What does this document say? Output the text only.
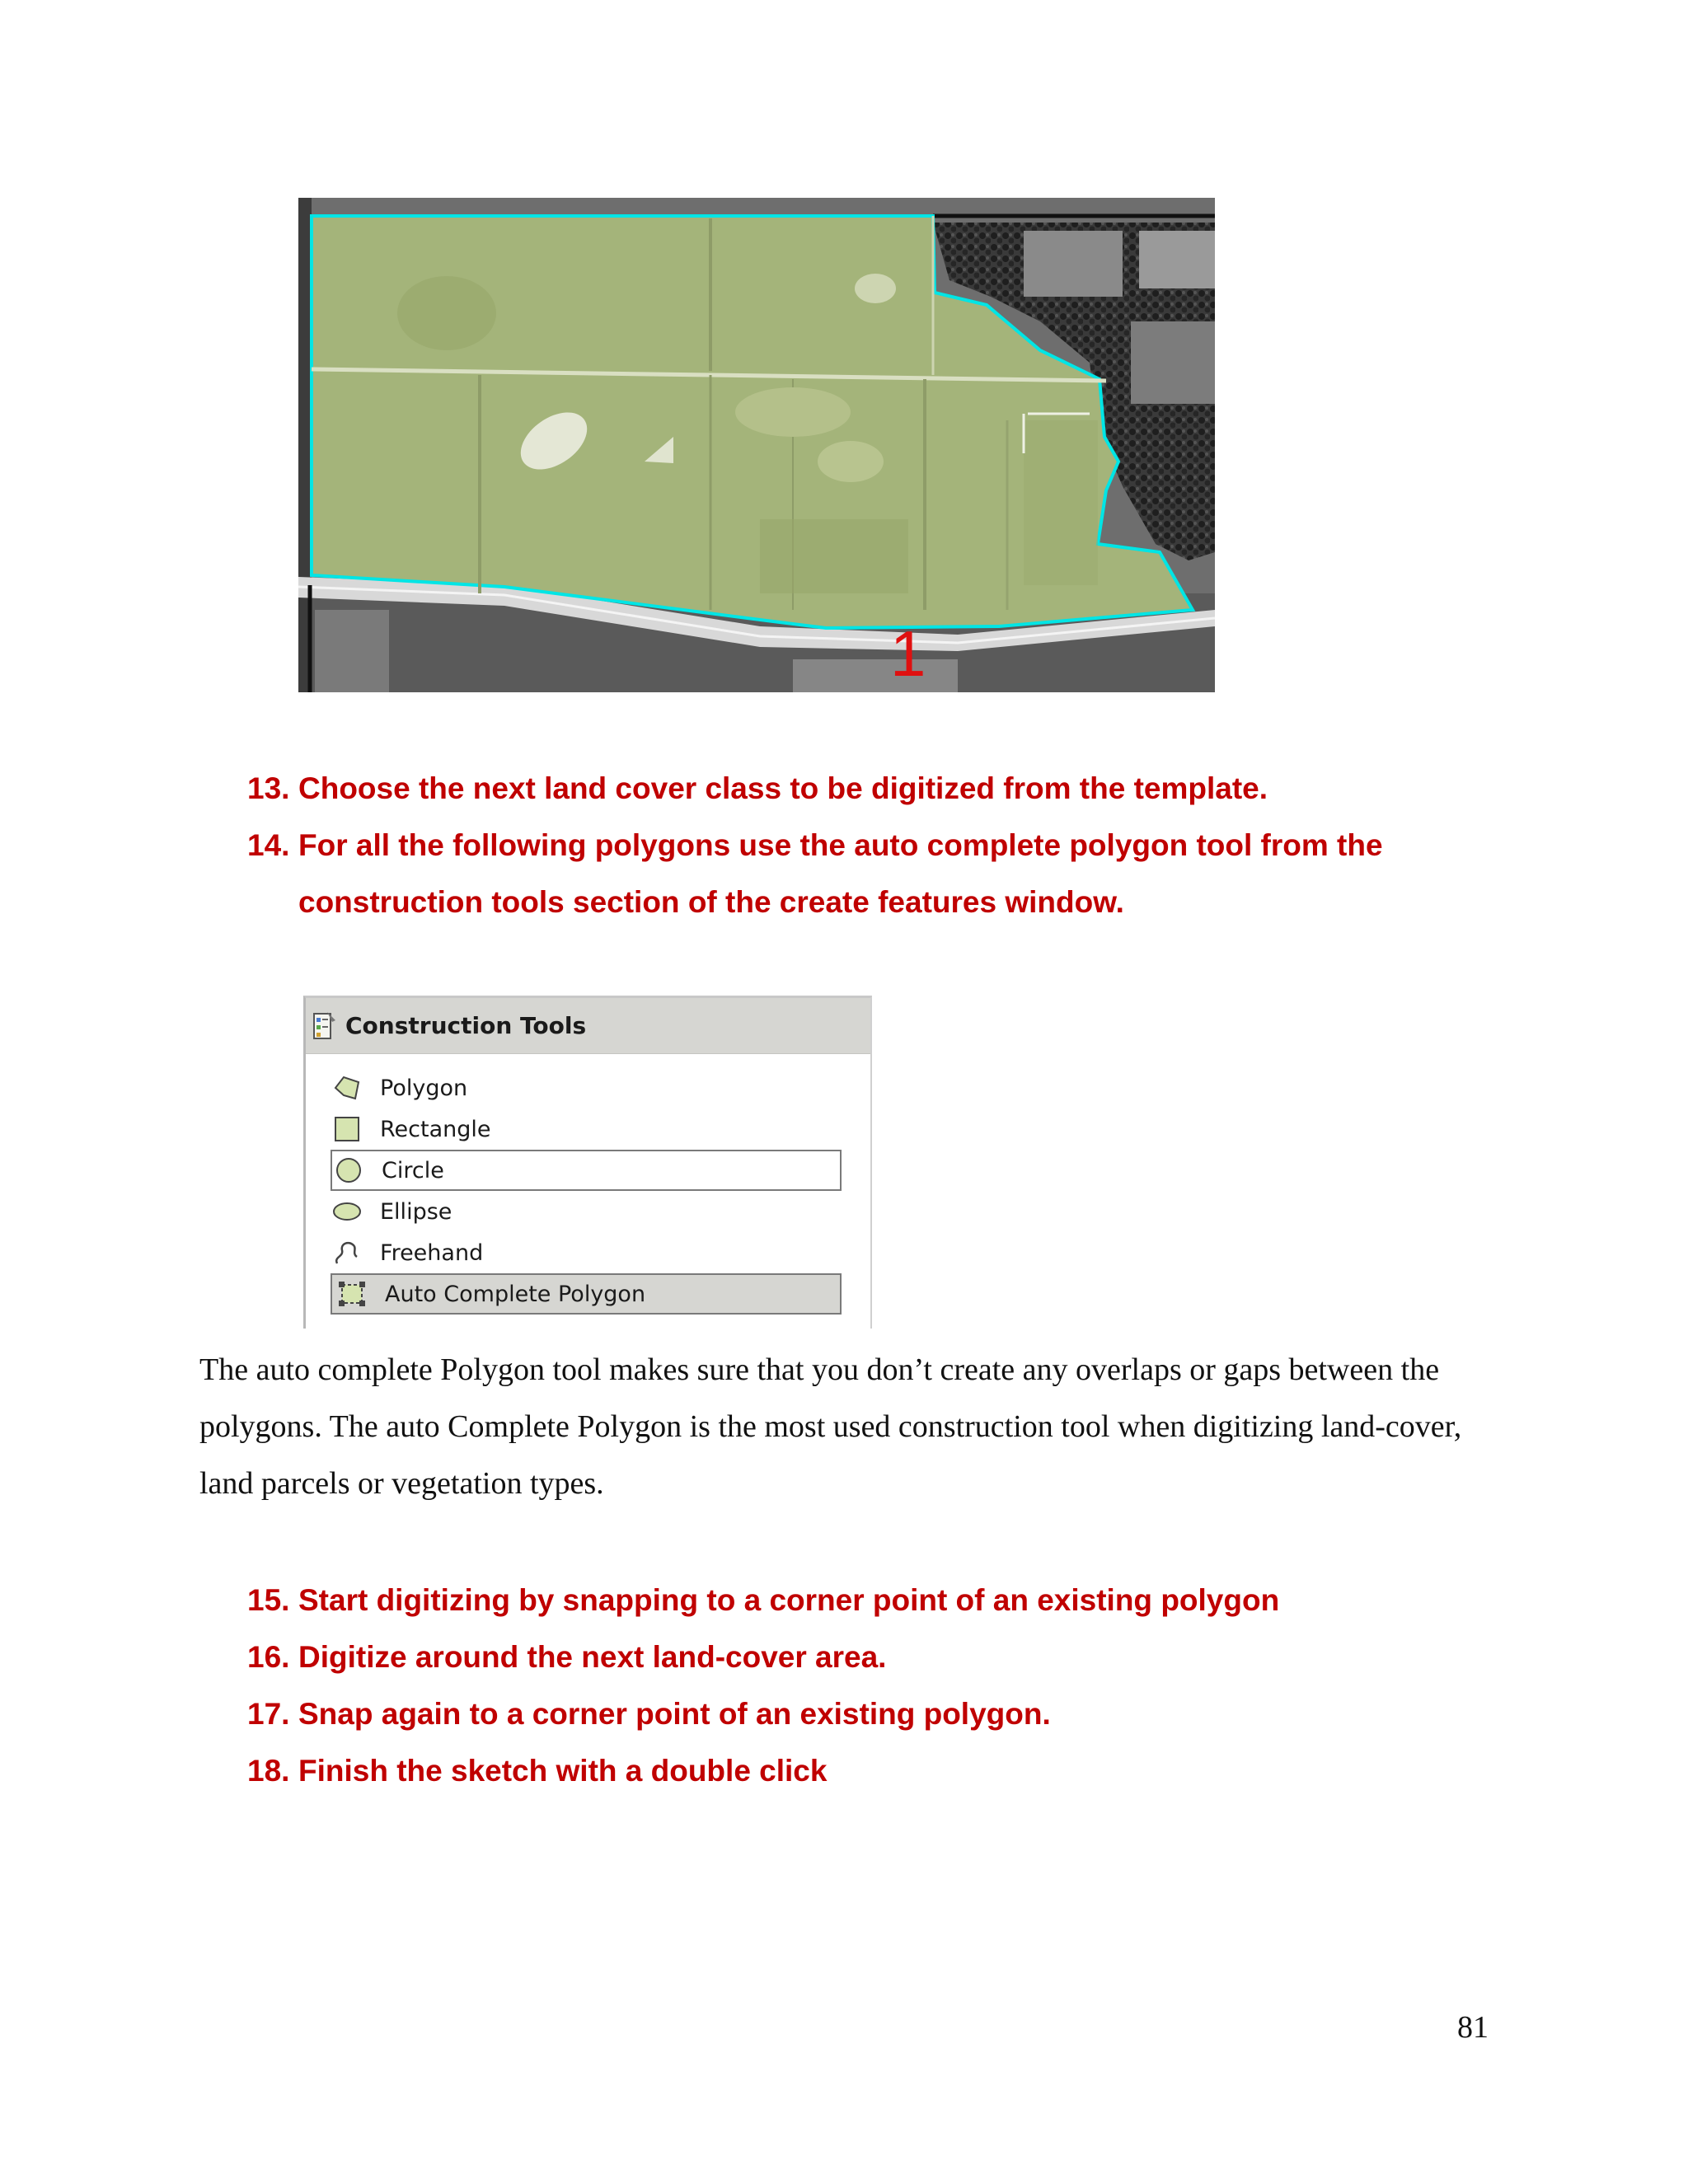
1
13. Choose the next land cover class to be digitized from the template.
14. For all the following polygons use the auto complete polygon tool from the construction tools section of the create features window.
Construction Tools
Polygon
Rectangle
Circle
Ellipse
Freehand
Auto Complete Polygon

The auto complete Polygon tool makes sure that you don’t create any overlaps or gaps between the polygons. The auto Complete Polygon is the most used construction tool when digitizing land-cover, land parcels or vegetation types.

15. Start digitizing by snapping to a corner point of an existing polygon
16. Digitize around the next land-cover area.
17. Snap again to a corner point of an existing polygon.
18. Finish the sketch with a double click
81
